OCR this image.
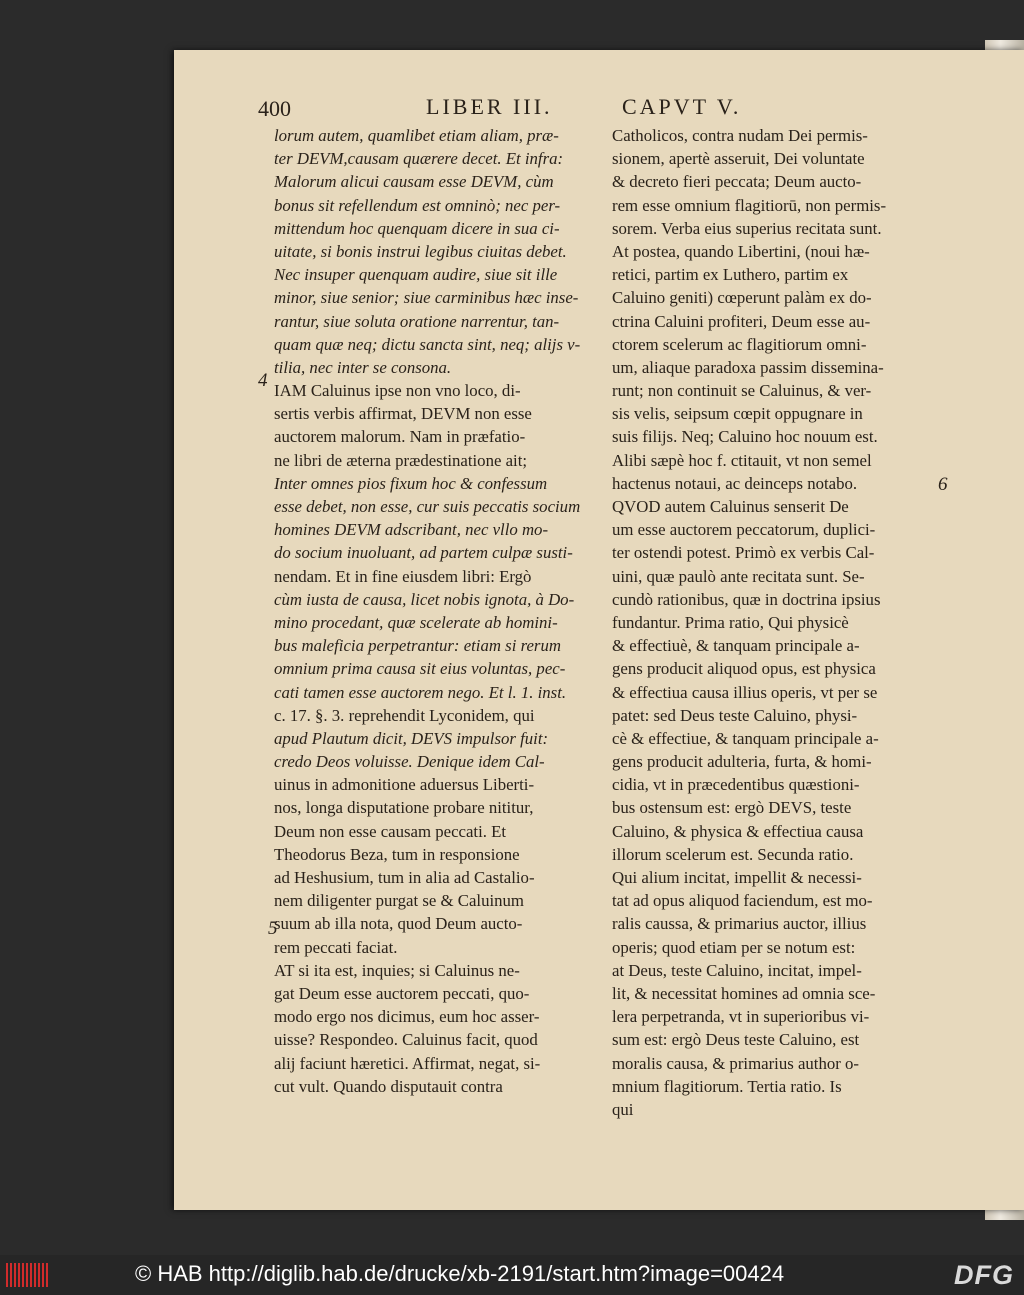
400	LIBER III.	CAPVT V.
lorum autem, quamlibet etiam aliam, præ-
ter DEVM,causam quærere decet. Et infra:
Malorum alicui causam esse DEVM, cùm
bonus sit refellendum est omninò; nec per-
mittendum hoc quenquam dicere in sua ci-
uitate, si bonis instrui legibus ciuitas debet.
Nec insuper quenquam audire, siue sit ille
minor, siue senior; siue carminibus hæc inse-
rantur, siue soluta oratione narrentur, tan-
quam quæ neq; dictu sancta sint, neq; alijs v-
tilia, nec inter se consona.
IAM Caluinus ipse non vno loco, di-
sertis verbis affirmat, DEVM non esse
auctorem malorum. Nam in præfatio-
ne libri de æterna prædestinatione ait;
Inter omnes pios fixum hoc & confessum
esse debet, non esse, cur suis peccatis socium
homines DEVM adscribant, nec vllo mo-
do socium inuoluant, ad partem culpæ susti-
nendam. Et in fine eiusdem libri: Ergò
cùm iusta de causa, licet nobis ignota, à Do-
mino procedant, quæ scelerate ab homini-
bus maleficia perpetrantur: etiam si rerum
omnium prima causa sit eius voluntas, pec-
cati tamen esse auctorem nego. Et l. 1. inst.
c. 17. §. 3. reprehendit Lyconidem, qui
apud Plautum dicit, DEVS impulsor fuit:
credo Deos voluisse. Denique idem Cal-
uinus in admonitione aduersus Liberti-
nos, longa disputatione probare nititur,
Deum non esse causam peccati. Et
Theodorus Beza, tum in responsione
ad Heshusium, tum in alia ad Castalio-
nem diligenter purgat se & Caluinum
suum ab illa nota, quod Deum aucto-
rem peccati faciat.
AT si ita est, inquies; si Caluinus ne-
gat Deum esse auctorem peccati, quo-
modo ergo nos dicimus, eum hoc asser-
uisse? Respondeo. Caluinus facit, quod
alij faciunt hæretici. Affirmat, negat, si-
cut vult. Quando disputauit contra
Catholicos, contra nudam Dei permis-
sionem, apertè asseruit, Dei voluntate
& decreto fieri peccata; Deum aucto-
rem esse omnium flagitiorū, non permis-
sorem. Verba eius superius recitata sunt.
At postea, quando Libertini, (noui hæ-
retici, partim ex Luthero, partim ex
Caluino geniti) cœperunt palàm ex do-
ctrina Caluini profiteri, Deum esse au-
ctorem scelerum ac flagitiorum omni-
um, aliaque paradoxa passim dissemina-
runt; non continuit se Caluinus, & ver-
sis velis, seipsum cœpit oppugnare in
suis filijs. Neq; Caluino hoc nouum est.
Alibi sæpè hoc f. ctitauit, vt non semel
hactenus notaui, ac deinceps notabo.
QVOD autem Caluinus senserit De
um esse auctorem peccatorum, duplici-
ter ostendi potest. Primò ex verbis Cal-
uini, quæ paulò ante recitata sunt. Se-
cundò rationibus, quæ in doctrina ipsius
fundantur. Prima ratio, Qui physicè
& effectiuè, & tanquam principale a-
gens producit aliquod opus, est physica
& effectiua causa illius operis, vt per se
patet: sed Deus teste Caluino, physi-
cè & effectiue, & tanquam principale a-
gens producit adulteria, furta, & homi-
cidia, vt in præcedentibus quæstioni-
bus ostensum est: ergò DEVS, teste
Caluino, & physica & effectiua causa
illorum scelerum est. Secunda ratio.
Qui alium incitat, impellit & necessi-
tat ad opus aliquod faciendum, est mo-
ralis caussa, & primarius auctor, illius
operis; quod etiam per se notum est:
at Deus, teste Caluino, incitat, impel-
lit, & necessitat homines ad omnia sce-
lera perpetranda, vt in superioribus vi-
sum est: ergò Deus teste Caluino, est
moralis causa, & primarius author o-
mnium flagitiorum. Tertia ratio. Is
qui
4
5
6
© HAB http://diglib.hab.de/drucke/xb-2191/start.htm?image=00424	DFG
